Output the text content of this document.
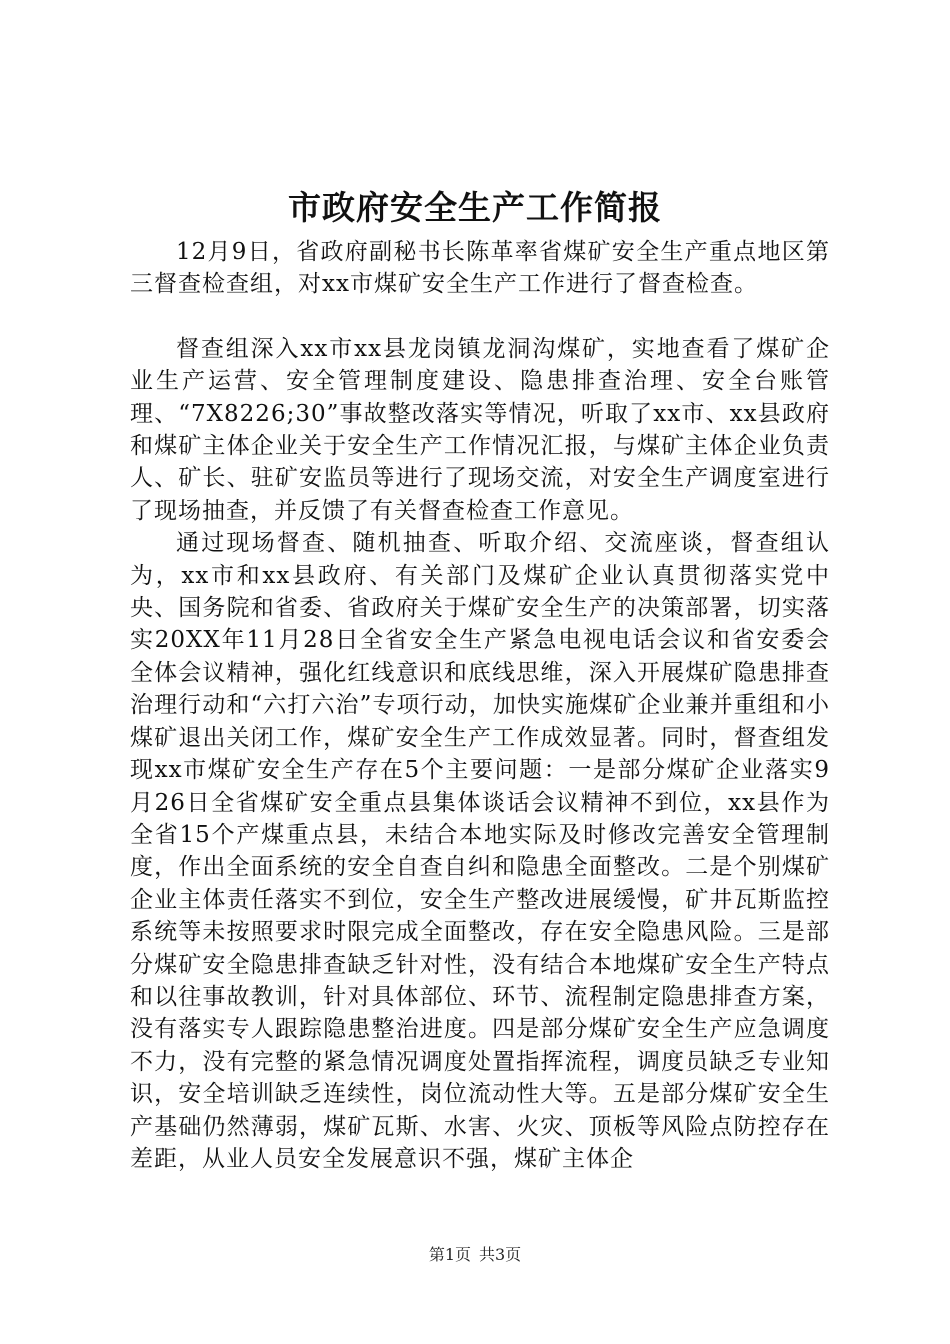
市政府安全生产工作简报

12月9日，省政府副秘书长陈革率省煤矿安全生产重点地区第三督查检查组，对xx市煤矿安全生产工作进行了督查检查。

督查组深入xx市xx县龙岗镇龙洞沟煤矿，实地查看了煤矿企业生产运营、安全管理制度建设、隐患排查治理、安全台账管理、“7X8226;30”事故整改落实等情况，听取了xx市、xx县政府和煤矿主体企业关于安全生产工作情况汇报，与煤矿主体企业负责人、矿长、驻矿安监员等进行了现场交流，对安全生产调度室进行了现场抽查，并反馈了有关督查检查工作意见。

通过现场督查、随机抽查、听取介绍、交流座谈，督查组认为，xx市和xx县政府、有关部门及煤矿企业认真贯彻落实党中央、国务院和省委、省政府关于煤矿安全生产的决策部署，切实落实20XX年11月28日全省安全生产紧急电视电话会议和省安委会全体会议精神，强化红线意识和底线思维，深入开展煤矿隐患排查治理行动和“六打六治”专项行动，加快实施煤矿企业兼并重组和小煤矿退出关闭工作，煤矿安全生产工作成效显著。同时，督查组发现xx市煤矿安全生产存在5个主要问题：一是部分煤矿企业落实9月26日全省煤矿安全重点县集体谈话会议精神不到位，xx县作为全省15个产煤重点县，未结合本地实际及时修改完善安全管理制度，作出全面系统的安全自查自纠和隐患全面整改。二是个别煤矿企业主体责任落实不到位，安全生产整改进展缓慢，矿井瓦斯监控系统等未按照要求时限完成全面整改，存在安全隐患风险。三是部分煤矿安全隐患排查缺乏针对性，没有结合本地煤矿安全生产特点和以往事故教训，针对具体部位、环节、流程制定隐患排查方案，没有落实专人跟踪隐患整治进度。四是部分煤矿安全生产应急调度不力，没有完整的紧急情况调度处置指挥流程，调度员缺乏专业知识，安全培训缺乏连续性，岗位流动性大等。五是部分煤矿安全生产基础仍然薄弱，煤矿瓦斯、水害、火灾、顶板等风险点防控存在差距，从业人员安全发展意识不强，煤矿主体企

第1页 共3页
